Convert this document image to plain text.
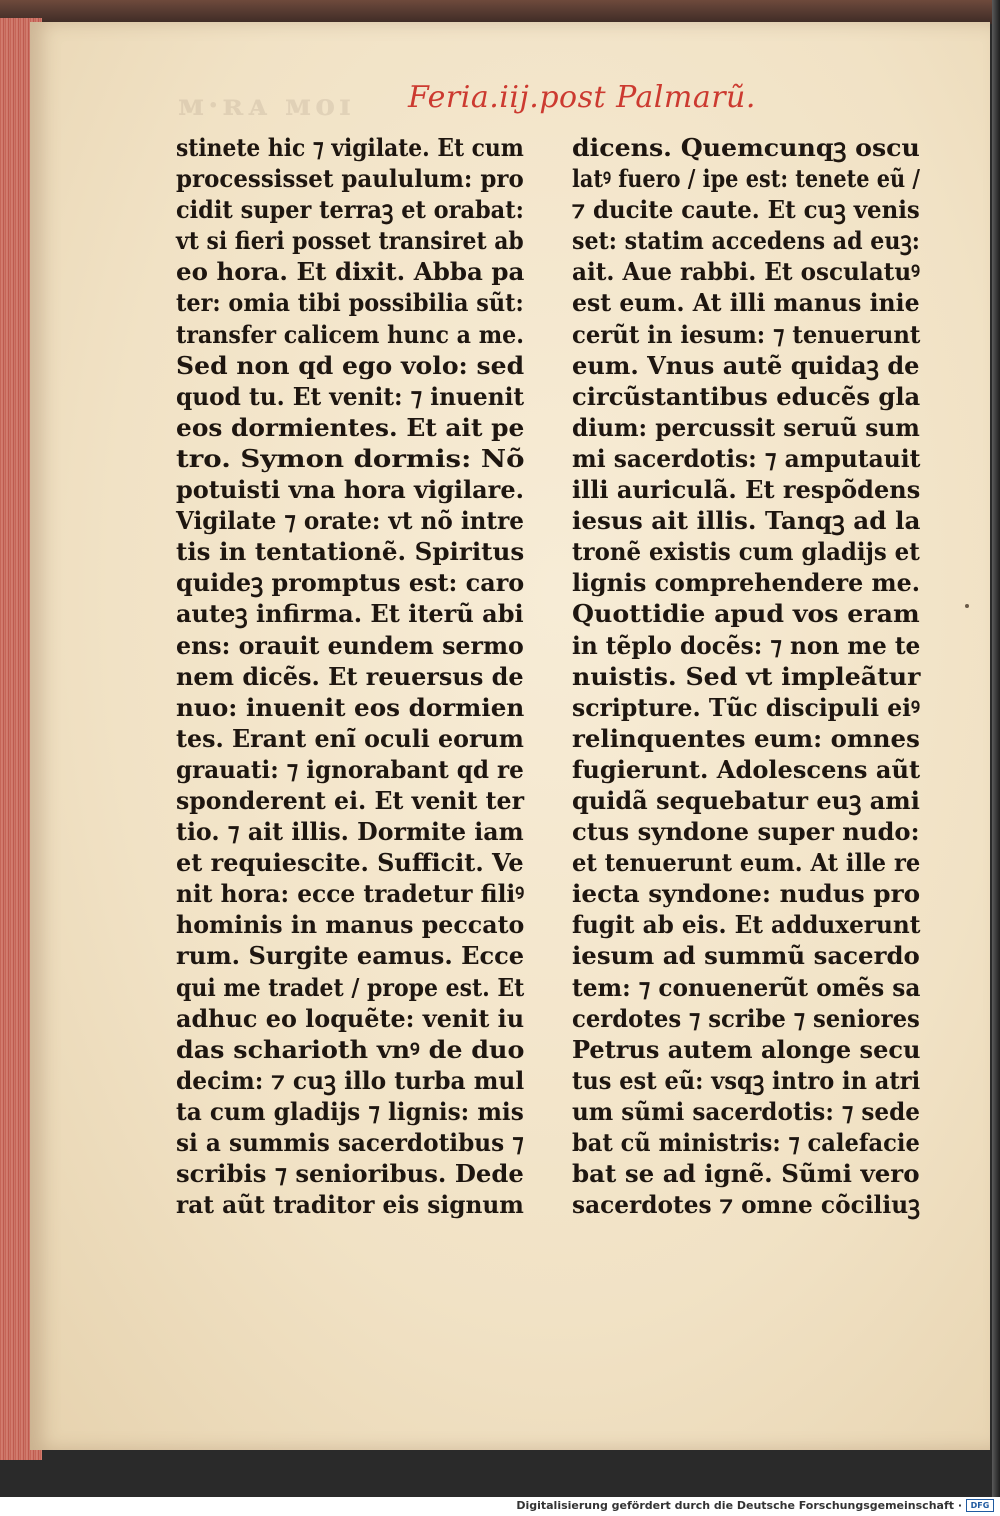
ᴍ·ʀᴀ ᴍᴏɪ Feria.iij.post Palmarũ.
stinete hic ⁊ vigilate. Et cum
processisset paululum: pro
cidit super terraꝫ et orabat:
vt si fieri posset transiret ab
eo hora. Et dixit. Abba pa
ter: omia tibi possibilia sũt:
transfer calicem hunc a me.
Sed non qd ego volo: sed
quod tu. Et venit: ⁊ inuenit
eos dormientes. Et ait pe
tro. Symon dormis: Nõ
potuisti vna hora vigilare.
Vigilate ⁊ orate: vt nõ intre
tis in tentationẽ. Spiritus
quideꝫ promptus est: caro
auteꝫ infirma. Et iterũ abi
ens: orauit eundem sermo
nem dicẽs. Et reuersus de
nuo: inuenit eos dormien
tes. Erant enĩ oculi eorum
grauati: ⁊ ignorabant qd re
sponderent ei. Et venit ter
tio. ⁊ ait illis. Dormite iam
et requiescite. Sufficit. Ve
nit hora: ecce tradetur filiꝰ
hominis in manus peccato
rum. Surgite eamus. Ecce
qui me tradet / prope est. Et
adhuc eo loquẽte: venit iu
das scharioth vnꝰ de duo
decim: ⁊ cuꝫ illo turba mul
ta cum gladijs ⁊ lignis: mis
si a summis sacerdotibus ⁊
scribis ⁊ senioribus. Dede
rat aũt traditor eis signum
dicens. Quemcunqꝫ oscu
latꝰ fuero / ipe est: tenete eũ /
⁊ ducite caute. Et cuꝫ venis
set: statim accedens ad euꝫ:
ait. Aue rabbi. Et osculatuꝰ
est eum. At illi manus inie
cerũt in iesum: ⁊ tenuerunt
eum. Vnus autẽ quidaꝫ de
circũstantibus educẽs gla
dium: percussit seruũ sum
mi sacerdotis: ⁊ amputauit
illi auriculã. Et respõdens
iesus ait illis. Tanqꝫ ad la
tronẽ existis cum gladijs et
lignis comprehendere me.
Quottidie apud vos eram
in tẽplo docẽs: ⁊ non me te
nuistis. Sed vt impleãtur
scripture. Tũc discipuli eiꝰ
relinquentes eum: omnes
fugierunt. Adolescens aũt
quidã sequebatur euꝫ ami
ctus syndone super nudo:
et tenuerunt eum. At ille re
iecta syndone: nudus pro
fugit ab eis. Et adduxerunt
iesum ad summũ sacerdo
tem: ⁊ conuenerũt omẽs sa
cerdotes ⁊ scribe ⁊ seniores
Petrus autem alonge secu
tus est eũ: vsqꝫ intro in atri
um sũmi sacerdotis: ⁊ sede
bat cũ ministris: ⁊ calefacie
bat se ad ignẽ. Sũmi vero
sacerdotes ⁊ omne cõciliuꝫ
Digitalisierung gefördert durch die Deutsche Forschungsgemeinschaft ·	DFG
